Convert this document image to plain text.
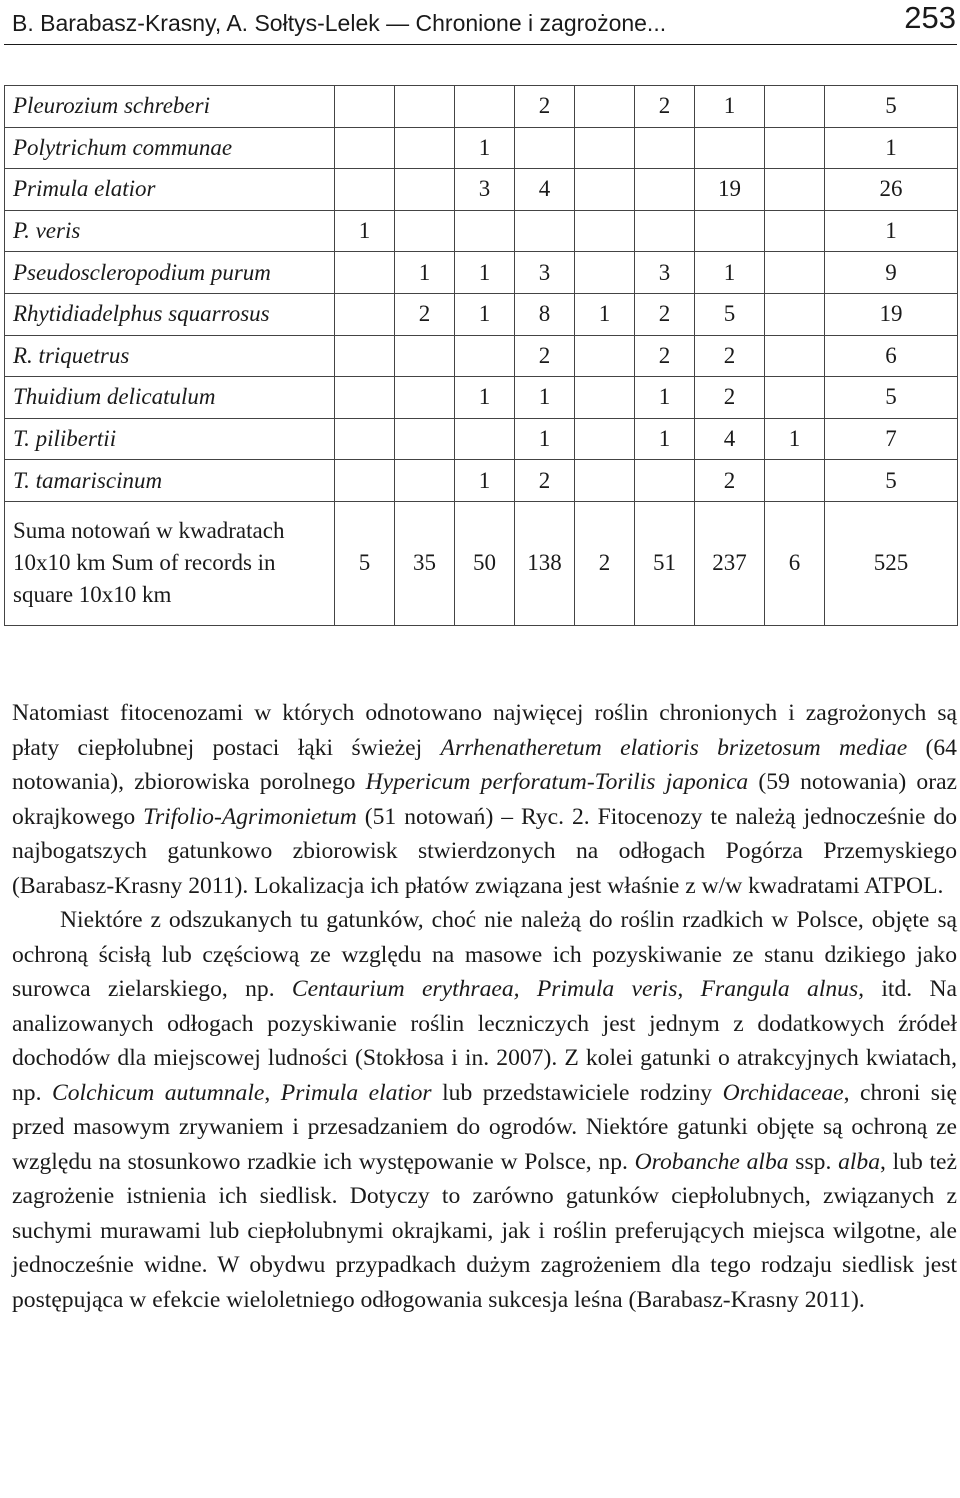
B. Barabasz-Krasny, A. Sołtys-Lelek — Chronione i zagrożone...	253
Pleurozium schreberi				2		2	1		5
Polytrichum communae			1						1
Primula elatior			3	4			19		26
P. veris	1								1
Pseudoscleropodium purum		1	1	3		3	1		9
Rhytidiadelphus squarrosus		2	1	8	1	2	5		19
R. triquetrus				2		2	2		6
Thuidium delicatulum			1	1		1	2		5
T. pilibertii				1		1	4	1	7
T. tamariscinum			1	2			2		5
Suma notowań w kwadratach 10x10 km Sum of records in square 10x10 km	5	35	50	138	2	51	237	6	525

Natomiast fitocenozami w których odnotowano najwięcej roślin chronionych i zagrożonych są płaty ciepłolubnej postaci łąki świeżej Arrhenatheretum elatioris brizetosum mediae (64 notowania), zbiorowiska porolnego Hypericum perforatum-Torilis japonica (59 notowania) oraz okrajkowego Trifolio-Agrimonietum (51 notowań) – Ryc. 2. Fitocenozy te należą jednocześnie do najbogatszych gatunkowo zbiorowisk stwierdzonych na odłogach Pogórza Przemyskiego (Barabasz-Krasny 2011). Lokalizacja ich płatów związana jest właśnie z w/w kwadratami ATPOL.

Niektóre z odszukanych tu gatunków, choć nie należą do roślin rzadkich w Polsce, objęte są ochroną ścisłą lub częściową ze względu na masowe ich pozyskiwanie ze stanu dzikiego jako surowca zielarskiego, np. Centaurium erythraea, Primula veris, Frangula alnus, itd. Na analizowanych odłogach pozyskiwanie roślin leczniczych jest jednym z dodatkowych źródeł dochodów dla miejscowej ludności (Stokłosa i in. 2007). Z kolei gatunki o atrakcyjnych kwiatach, np. Colchicum autumnale, Primula elatior lub przedstawiciele rodziny Orchidaceae, chroni się przed masowym zrywaniem i przesadzaniem do ogrodów. Niektóre gatunki objęte są ochroną ze względu na stosunkowo rzadkie ich występowanie w Polsce, np. Orobanche alba ssp. alba, lub też zagrożenie istnienia ich siedlisk. Dotyczy to zarówno gatunków ciepłolubnych, związanych z suchymi murawami lub ciepłolubnymi okrajkami, jak i roślin preferujących miejsca wilgotne, ale jednocześnie widne. W obydwu przypadkach dużym zagrożeniem dla tego rodzaju siedlisk jest postępująca w efekcie wieloletniego odłogowania sukcesja leśna (Barabasz-Krasny 2011).
